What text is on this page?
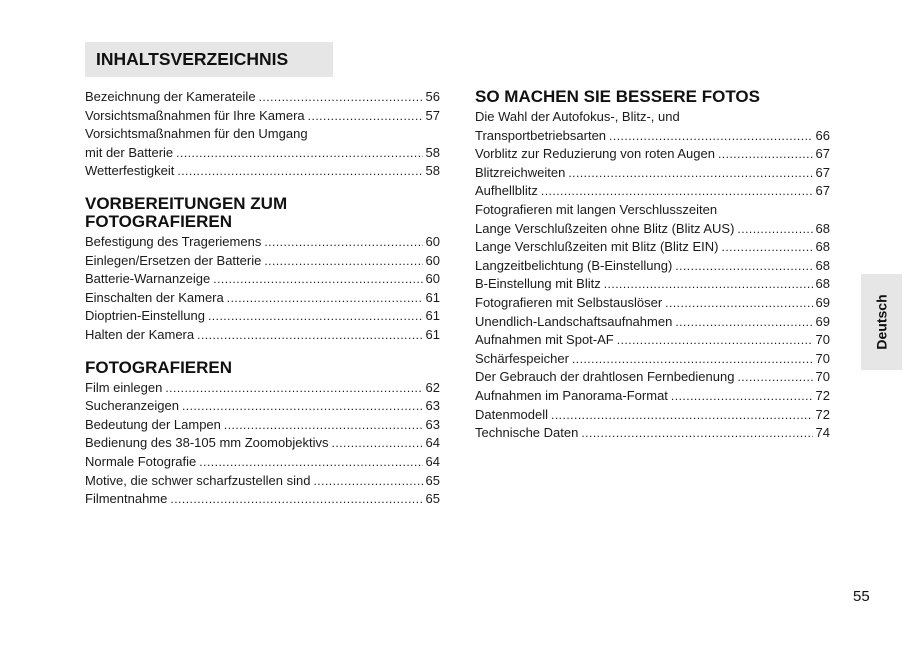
INHALTSVERZEICHNIS
Bezeichnung der Kamerateile .....	56
Vorsichtsmaßnahmen für Ihre Kamera .....	57
Vorsichtsmaßnahmen für den Umgang
mit der Batterie .....	58
Wetterfestigkeit .....	58
VORBEREITUNGEN ZUM
FOTOGRAFIEREN
Befestigung des Trageriemens .....	60
Einlegen/Ersetzen der Batterie .....	60
Batterie-Warnanzeige .....	60
Einschalten der Kamera .....	61
Dioptrien-Einstellung .....	61
Halten der Kamera .....	61
FOTOGRAFIEREN
Film einlegen .....	62
Sucheranzeigen .....	63
Bedeutung der Lampen .....	63
Bedienung des 38-105 mm Zoomobjektivs .....	64
Normale Fotografie .....	64
Motive, die schwer scharfzustellen sind .....	65
Filmentnahme .....	65
SO MACHEN SIE BESSERE FOTOS
Die Wahl der Autofokus-, Blitz-, und
Transportbetriebsarten .....	66
Vorblitz zur Reduzierung von roten Augen .....	67
Blitzreichweiten .....	67
Aufhellblitz .....	67
Fotografieren mit langen Verschlusszeiten
Lange Verschlußzeiten ohne Blitz (Blitz AUS) .....	68
Lange Verschlußzeiten mit Blitz (Blitz EIN) .....	68
Langzeitbelichtung (B-Einstellung) .....	68
B-Einstellung mit Blitz .....	68
Fotografieren mit Selbstauslöser .....	69
Unendlich-Landschaftsaufnahmen .....	69
Aufnahmen mit Spot-AF .....	70
Schärfespeicher .....	70
Der Gebrauch der drahtlosen Fernbedienung .....	70
Aufnahmen im Panorama-Format .....	72
Datenmodell .....	72
Technische Daten .....	74
Deutsch
55
